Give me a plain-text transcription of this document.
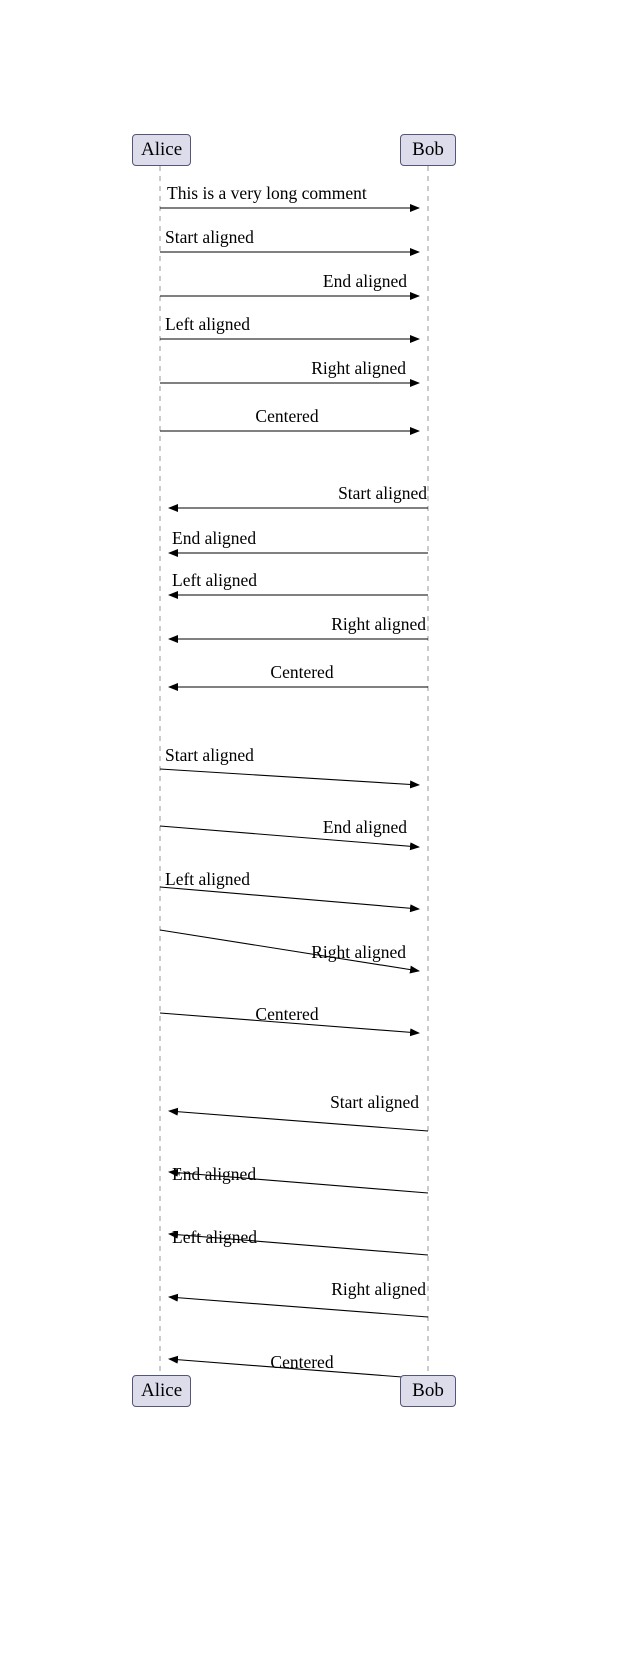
Alice	Bob
Alice	Bob
This is a very long comment
Start aligned
End aligned
Left aligned
Right aligned
Centered
Start aligned
End aligned
Left aligned
Right aligned
Centered
Start aligned
End aligned
Left aligned
Right aligned
Centered
Start aligned
End aligned
Left aligned
Right aligned
Centered
